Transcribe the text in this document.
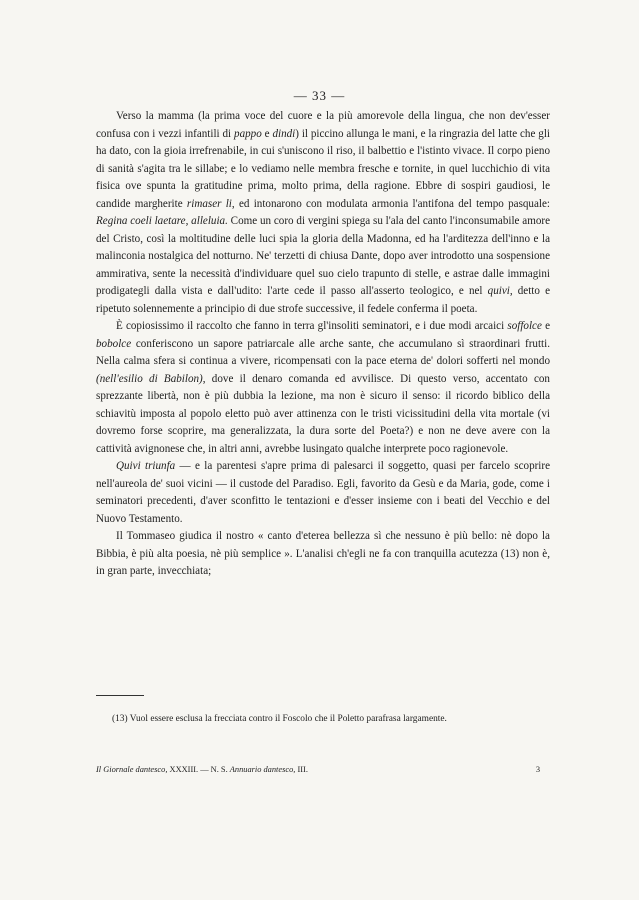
— 33 —

Verso la mamma (la prima voce del cuore e la più amorevole della lingua, che non dev'esser confusa con i vezzi infantili di pappo e dindi) il piccino allunga le mani, e la ringrazia del latte che gli ha dato, con la gioia irrefrenabile, in cui s'uniscono il riso, il balbettio e l'istinto vivace. Il corpo pieno di sanità s'agita tra le sillabe; e lo vediamo nelle membra fresche e tornite, in quel lucchichio di vita fisica ove spunta la gratitudine prima, molto prima, della ragione. Ebbre di sospiri gaudiosi, le candide margherite rimaser li, ed intonarono con modulata armonia l'antifona del tempo pasquale: Regina coeli laetare, alleluia. Come un coro di vergini spiega su l'ala del canto l'inconsumabile amore del Cristo, così la moltitudine delle luci spia la gloria della Madonna, ed ha l'arditezza dell'inno e la malinconia nostalgica del notturno. Ne' terzetti di chiusa Dante, dopo aver introdotto una sospensione ammirativa, sente la necessità d'individuare quel suo cielo trapunto di stelle, e astrae dalle immagini prodigategli dalla vista e dall'udito: l'arte cede il passo all'asserto teologico, e nel quivi, detto e ripetuto solennemente a principio di due strofe successive, il fedele conferma il poeta.

È copiosissimo il raccolto che fanno in terra gl'insoliti seminatori, e i due modi arcaici soffolce e bobolce conferiscono un sapore patriarcale alle arche sante, che accumulano sì straordinari frutti. Nella calma sfera si continua a vivere, ricompensati con la pace eterna de' dolori sofferti nel mondo (nell'esilio di Babilon), dove il denaro comanda ed avvilisce. Di questo verso, accentato con sprezzante libertà, non è più dubbia la lezione, ma non è sicuro il senso: il ricordo biblico della schiavitù imposta al popolo eletto può aver attinenza con le tristi vicissitudini della vita mortale (vi dovremo forse scoprire, ma generalizzata, la dura sorte del Poeta?) e non ne deve avere con la cattività avignonese che, in altri anni, avrebbe lusingato qualche interprete poco ragionevole.

Quivi triunfa — e la parentesi s'apre prima di palesarci il soggetto, quasi per farcelo scoprire nell'aureola de' suoi vicini — il custode del Paradiso. Egli, favorito da Gesù e da Maria, gode, come i seminatori precedenti, d'aver sconfitto le tentazioni e d'esser insieme con i beati del Vecchio e del Nuovo Testamento.

Il Tommaseo giudica il nostro « canto d'eterea bellezza sì che nessuno è più bello: nè dopo la Bibbia, è più alta poesia, nè più semplice ». L'analisi ch'egli ne fa con tranquilla acutezza (13) non è, in gran parte, invecchiata;

(13) Vuol essere esclusa la frecciata contro il Foscolo che il Poletto parafrasa largamente.

Il Giornale dantesco, XXXIII. — N. S. Annuario dantesco, III.	3
